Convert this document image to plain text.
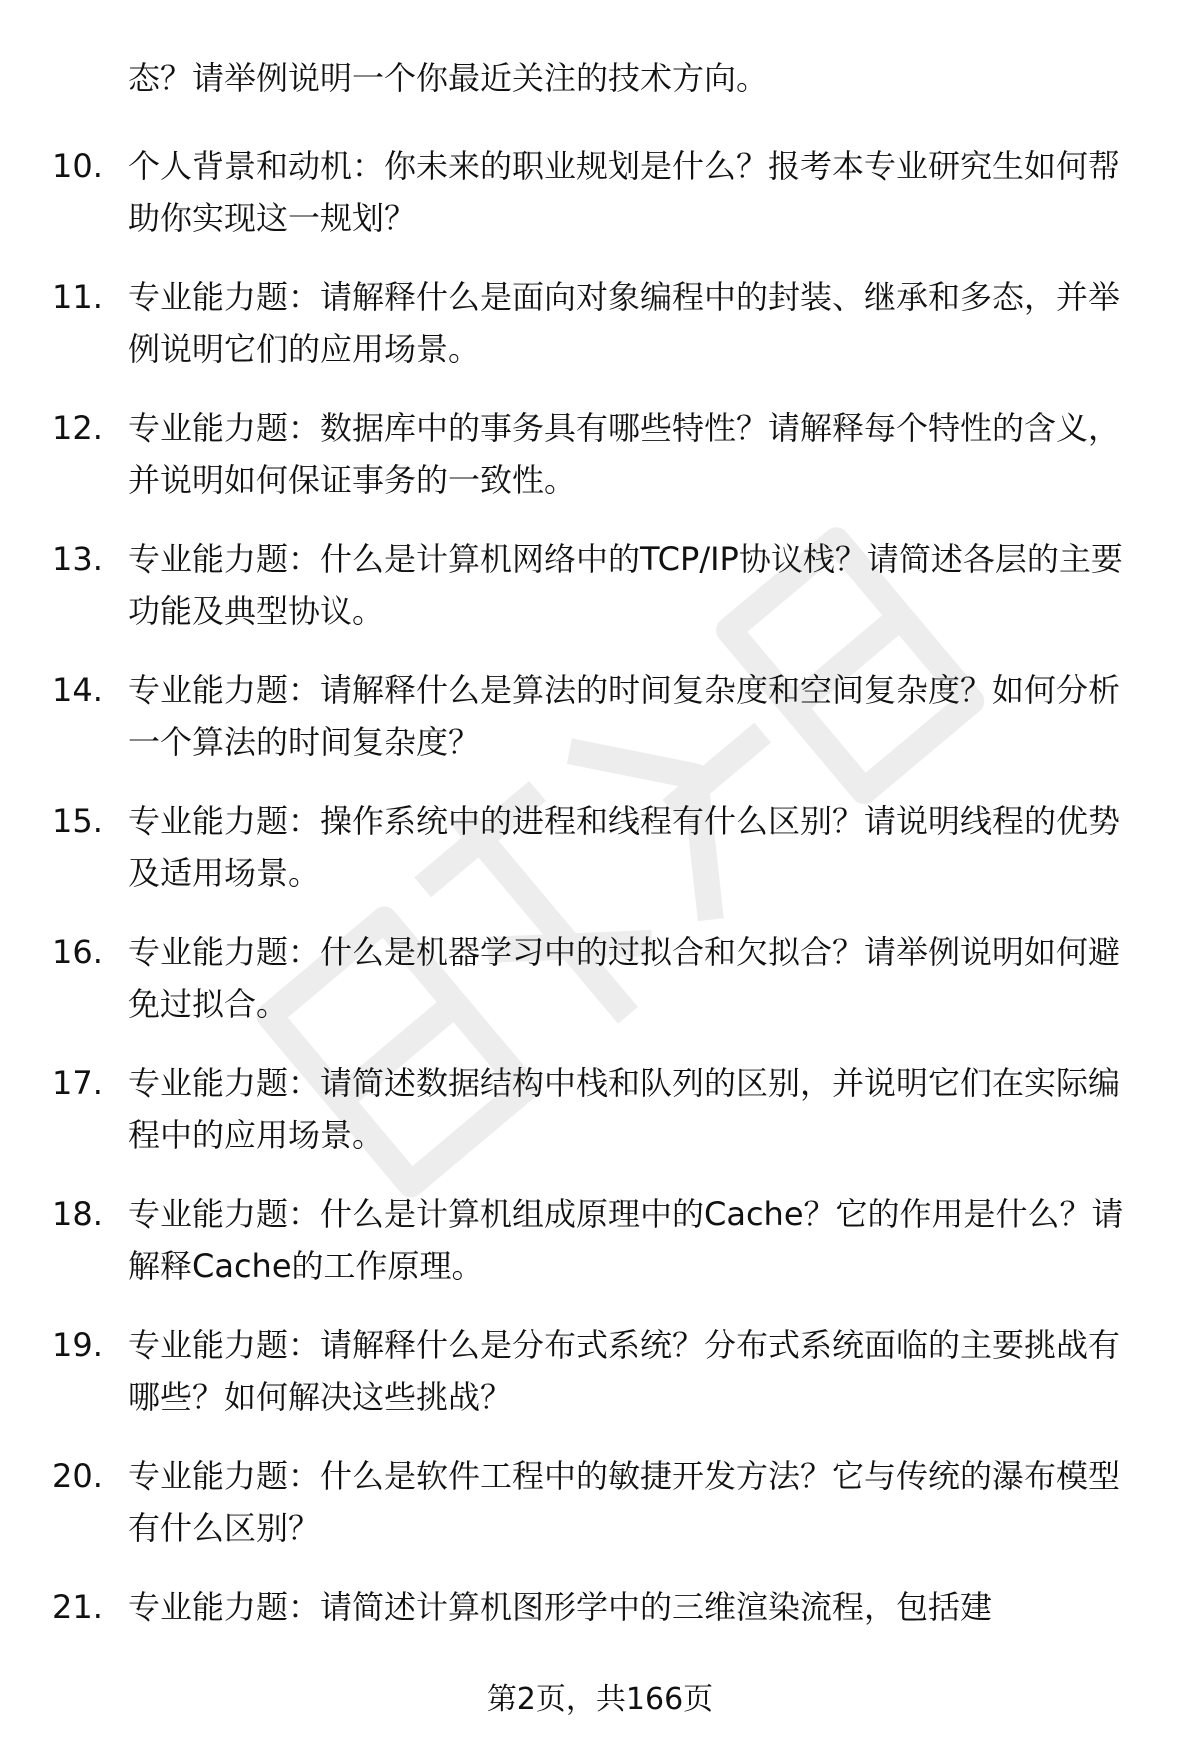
态？请举例说明一个你最近关注的技术方向。
10. 个人背景和动机：你未来的职业规划是什么？报考本专业研究生如何帮助你实现这一规划？
11. 专业能力题：请解释什么是面向对象编程中的封装、继承和多态，并举例说明它们的应用场景。
12. 专业能力题：数据库中的事务具有哪些特性？请解释每个特性的含义，并说明如何保证事务的一致性。
13. 专业能力题：什么是计算机网络中的TCP/IP协议栈？请简述各层的主要功能及典型协议。
14. 专业能力题：请解释什么是算法的时间复杂度和空间复杂度？如何分析一个算法的时间复杂度？
15. 专业能力题：操作系统中的进程和线程有什么区别？请说明线程的优势及适用场景。
16. 专业能力题：什么是机器学习中的过拟合和欠拟合？请举例说明如何避免过拟合。
17. 专业能力题：请简述数据结构中栈和队列的区别，并说明它们在实际编程中的应用场景。
18. 专业能力题：什么是计算机组成原理中的Cache？它的作用是什么？请解释Cache的工作原理。
19. 专业能力题：请解释什么是分布式系统？分布式系统面临的主要挑战有哪些？如何解决这些挑战？
20. 专业能力题：什么是软件工程中的敏捷开发方法？它与传统的瀑布模型有什么区别？
21. 专业能力题：请简述计算机图形学中的三维渲染流程，包括建
第2页，共166页
